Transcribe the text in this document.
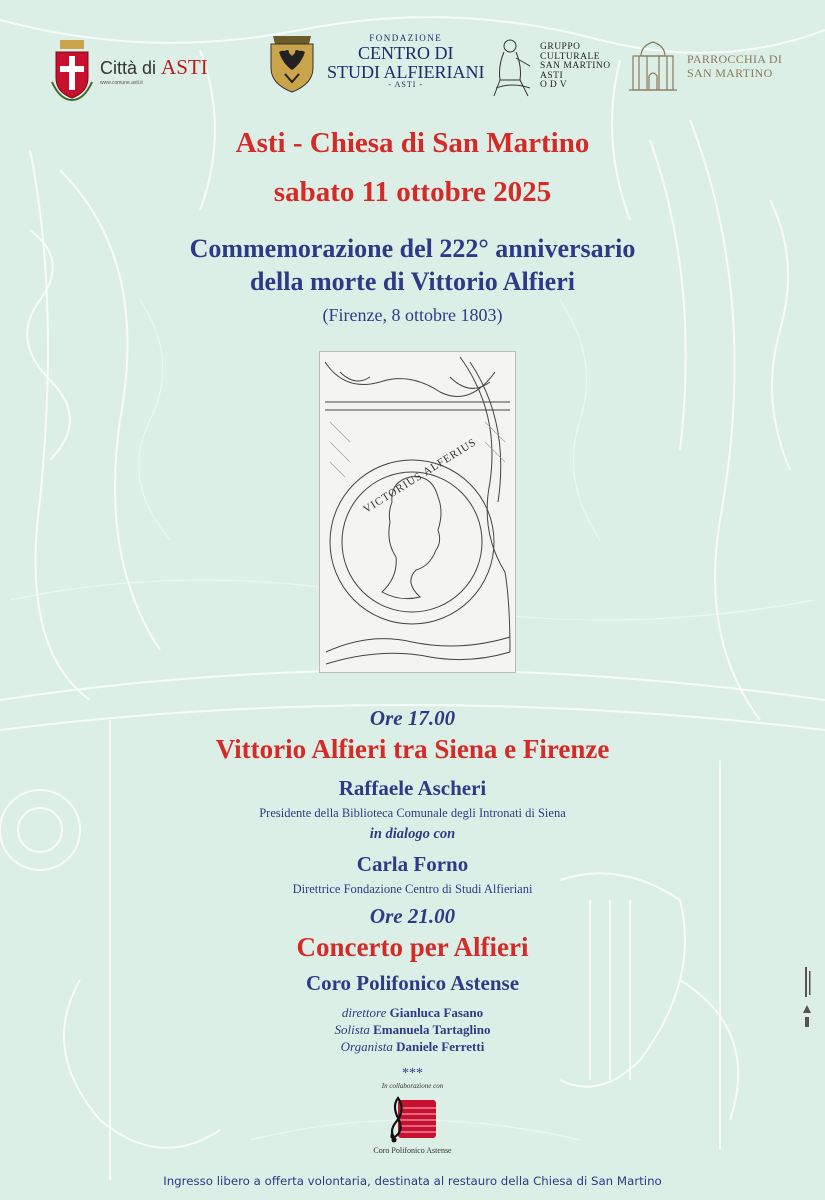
Città di ASTI
www.comune.asti.it
FONDAZIONE
CENTRO DI
STUDI ALFIERIANI
- ASTI -
GRUPPO
CULTURALE
SAN MARTINO
ASTI
ODV
PARROCCHIA DI
SAN MARTINO
Asti - Chiesa di San Martino
sabato 11 ottobre 2025
Commemorazione del 222° anniversario
della morte di Vittorio Alfieri
(Firenze, 8 ottobre 1803)
VICTORIUS ALFERIUS
Ore 17.00
Vittorio Alfieri tra Siena e Firenze
Raffaele Ascheri
Presidente della Biblioteca Comunale degli Intronati di Siena
in dialogo con
Carla Forno
Direttrice Fondazione Centro di Studi Alfieriani
Ore 21.00
Concerto per Alfieri
Coro Polifonico Astense
direttore Gianluca Fasano
Solista Emanuela Tartaglino
Organista Daniele Ferretti
***
In collaborazione con
Coro Polifonico Astense
Ingresso libero a offerta volontaria, destinata al restauro della Chiesa di San Martino
